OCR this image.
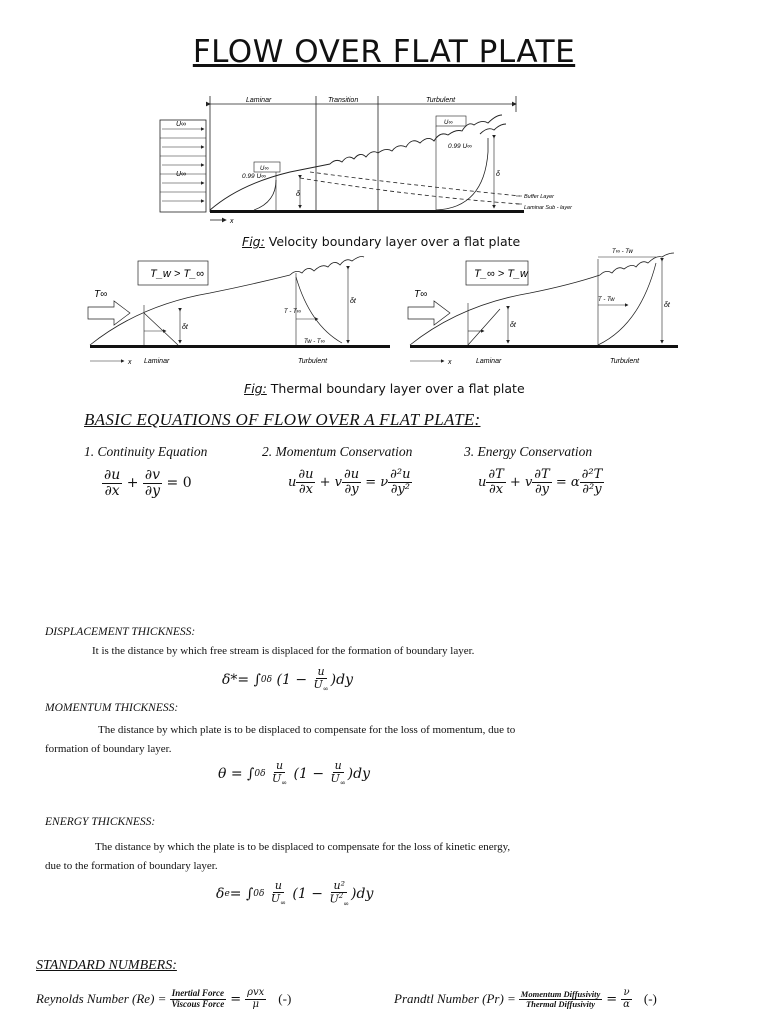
FLOW OVER FLAT PLATE
Laminar	Transition	Turbulent
U∞
U∞
x
U∞
0.99 U∞
δ
U∞
0.99 U∞
δ
Buffer Layer
Laminar Sub - layer
Fig: Velocity boundary layer over a flat plate
T_w > T_∞
T∞
δt
T - T∞
Tw - T∞
δt
x Laminar	Turbulent
T_∞ > T_w
T∞
δt
T - Tw
T∞ - Tw
δt
x	Laminar	Turbulent
Fig: Thermal boundary layer over a flat plate
BASIC EQUATIONS OF FLOW OVER A FLAT PLATE:
1. Continuity Equation	2. Momentum Conservation	3. Energy Conservation
$\frac{\partial u}{\partial x} + \frac{\partial v}{\partial y}$
= 0	u $\frac{\partial u}{\partial x} + v \frac{\partial u}{\partial y} = \nu \frac{\text{∂²u}}{\text{∂y²}}$	u $\frac{\partial T}{\partial x} + v \frac{\partial T}{\partial y} = \alpha \frac{\text{∂²T}}{\text{∂²y}}$
DISPLACEMENT THICKNESS:
It is the distance by which free stream is displaced for the formation of boundary layer.
δ*= ∫ 0 δ $(1 - \frac{u}{U_\infty} )dy$
MOMENTUM THICKNESS:
The distance by which plate is to be displaced to compensate for the loss of momentum, due to
formation of boundary layer.
θ = ∫ 0 δ
$\frac{u}{U_\infty} (1 - \frac{u}{U_\infty} )dy$
ENERGY THICKNESS:
The distance by which the plate is to be displaced to compensate for the loss of kinetic energy,
due to the formation of boundary layer.
δ e = ∫ 0 δ
$\frac{u}{U_\infty} (1 - \frac{\text{u²}}{U^2_\infty} )dy$
STANDARD NUMBERS:
Reynolds Number $(Re) = \frac{\text{Inertial Force}}{\text{Viscous Force}} = \frac{\text{ρvx}}{\mu}$ (-)	Prandtl Number $(Pr) = \frac{\text{Momentum Diffusivity}}{\text{Thermal Diffusivity}} = \frac{\nu}{\alpha}$ (-)
